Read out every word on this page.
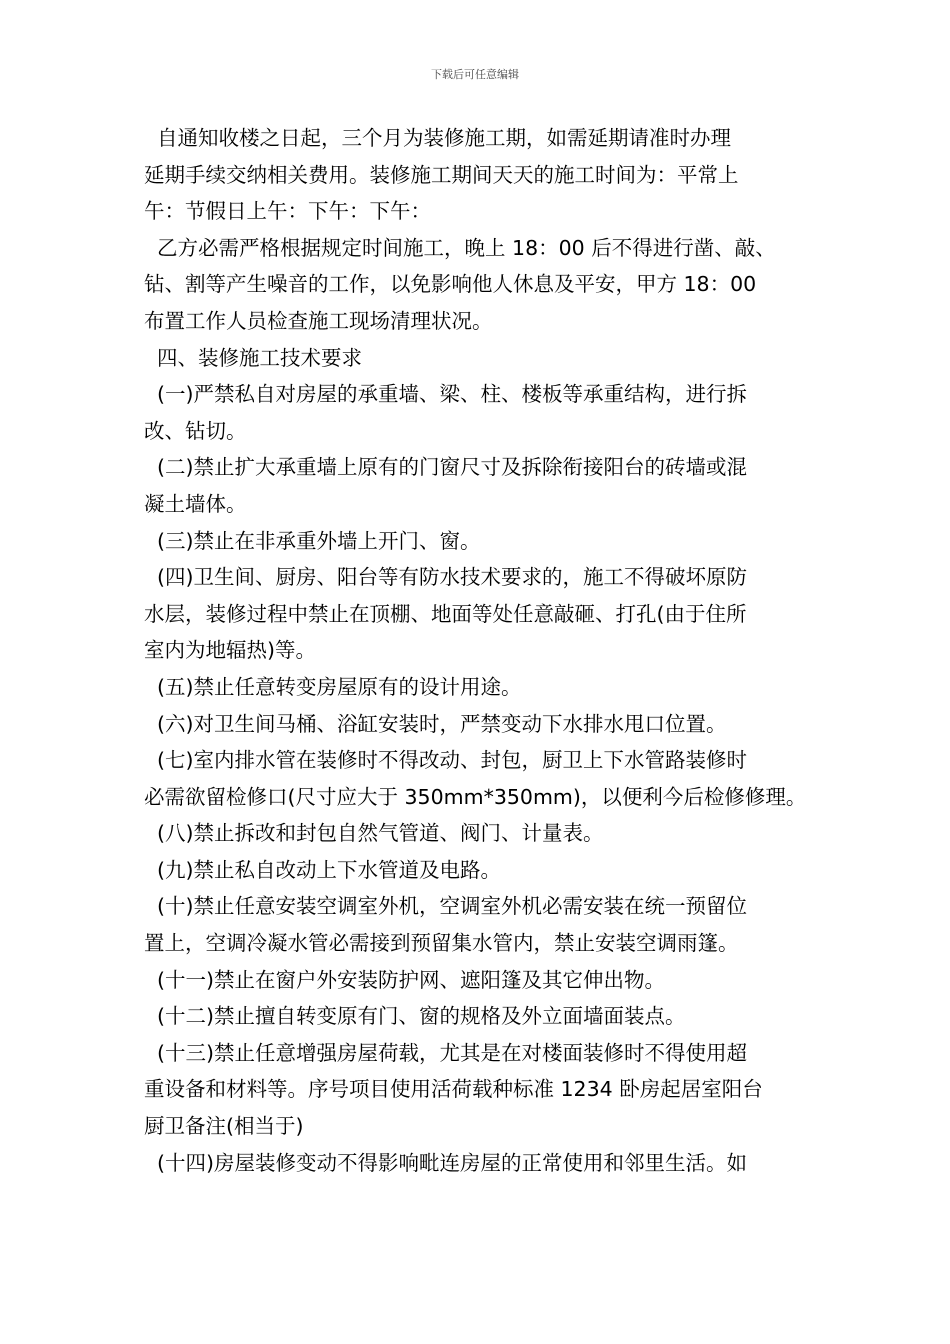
下载后可任意编辑
自通知收楼之日起，三个月为装修施工期，如需延期请准时办理
延期手续交纳相关费用。装修施工期间天天的施工时间为：平常上
午：节假日上午：下午：下午：
乙方必需严格根据规定时间施工，晚上 18：00 后不得进行凿、敲、
钻、割等产生噪音的工作，以免影响他人休息及平安，甲方 18：00
布置工作人员检查施工现场清理状况。
四、装修施工技术要求
(一)严禁私自对房屋的承重墙、梁、柱、楼板等承重结构，进行拆
改、钻切。
(二)禁止扩大承重墙上原有的门窗尺寸及拆除衔接阳台的砖墙或混
凝土墙体。
(三)禁止在非承重外墙上开门、窗。
(四)卫生间、厨房、阳台等有防水技术要求的，施工不得破坏原防
水层，装修过程中禁止在顶棚、地面等处任意敲砸、打孔(由于住所
室内为地辐热)等。
(五)禁止任意转变房屋原有的设计用途。
(六)对卫生间马桶、浴缸安装时，严禁变动下水排水甩口位置。
(七)室内排水管在装修时不得改动、封包，厨卫上下水管路装修时
必需欲留检修口(尺寸应大于 350mm*350mm)，以便利今后检修修理。
(八)禁止拆改和封包自然气管道、阀门、计量表。
(九)禁止私自改动上下水管道及电路。
(十)禁止任意安装空调室外机，空调室外机必需安装在统一预留位
置上，空调冷凝水管必需接到预留集水管内，禁止安装空调雨篷。
(十一)禁止在窗户外安装防护网、遮阳篷及其它伸出物。
(十二)禁止擅自转变原有门、窗的规格及外立面墙面装点。
(十三)禁止任意增强房屋荷载，尤其是在对楼面装修时不得使用超
重设备和材料等。序号项目使用活荷载种标准 1234 卧房起居室阳台
厨卫备注(相当于)
(十四)房屋装修变动不得影响毗连房屋的正常使用和邻里生活。如
